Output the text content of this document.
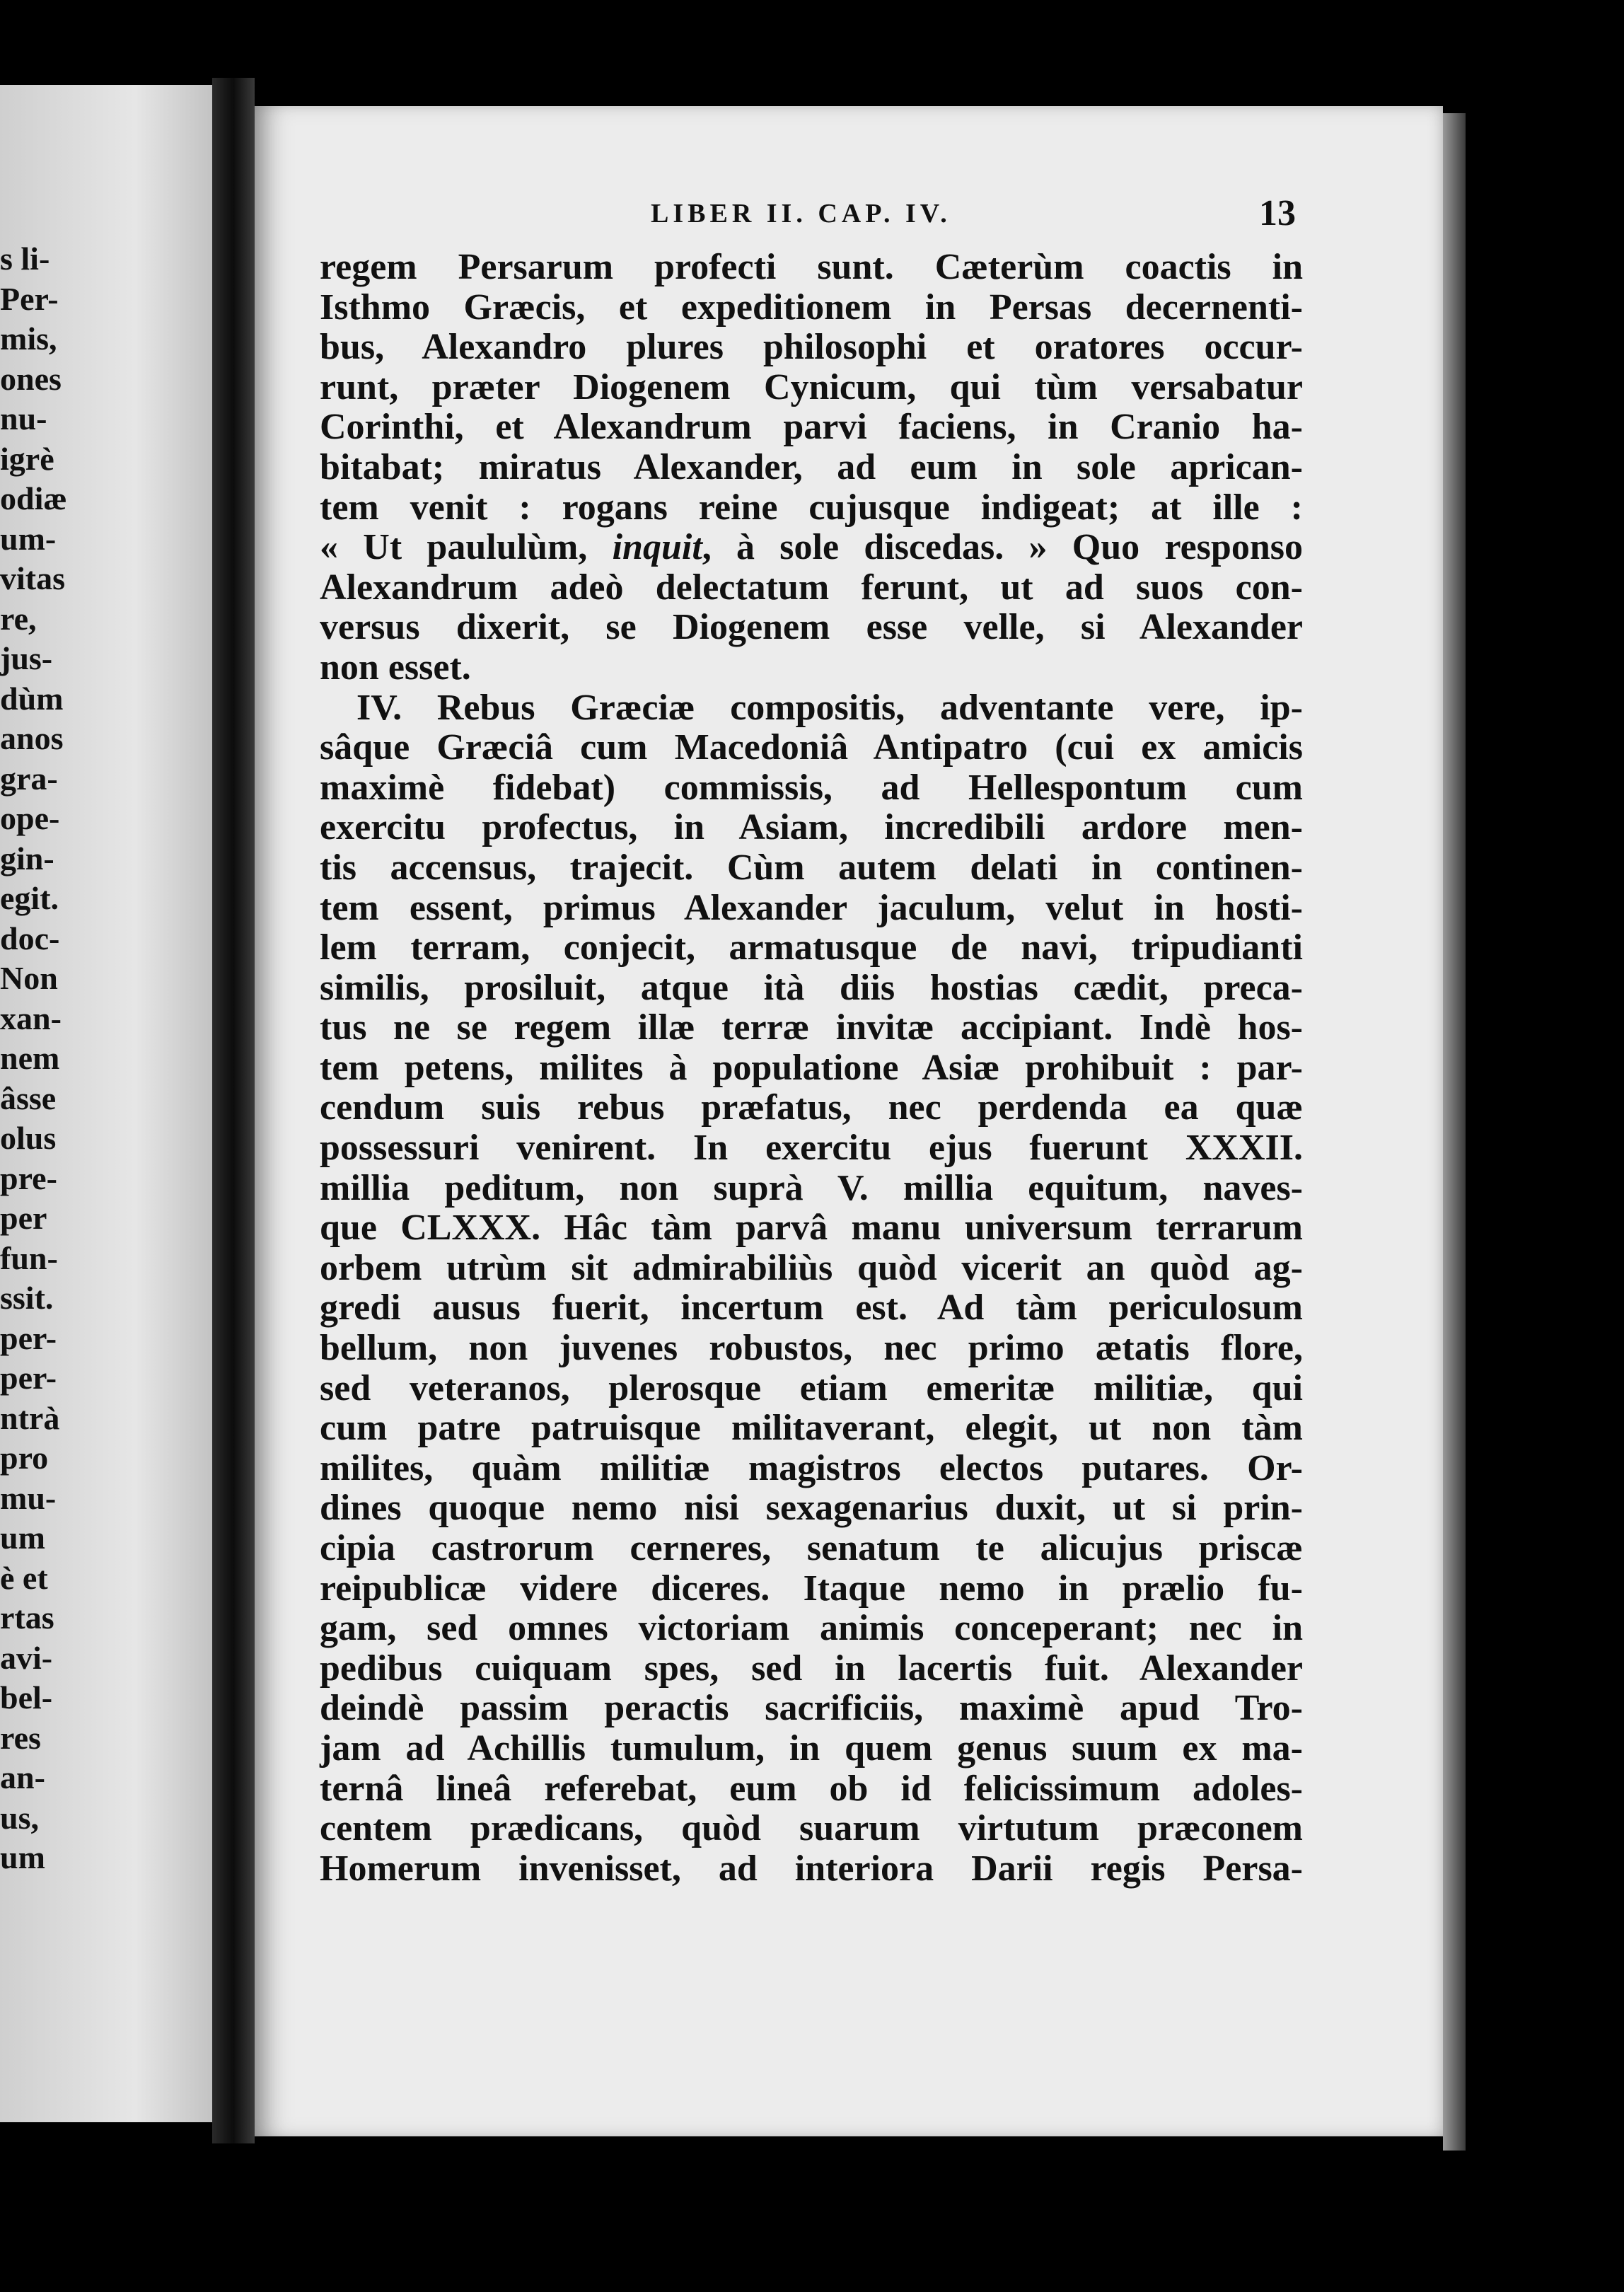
s li-
Per-
mis,
ones
nu-
igrè
odiæ
um-
vitas
re,
jus-
dùm
anos
gra-
ope-
gin-
egit.
doc-
Non
xan-
nem
âsse
olus
pre-
per
fun-
ssit.
per-
per-
ntrà
pro
mu-
um
è et
rtas
avi-
bel-
res
an-
us,
um
LIBER II. CAP. IV.	13
regem Persarum profecti sunt. Cæterùm coactis in
Isthmo Græcis, et expeditionem in Persas decernenti-
bus, Alexandro plures philosophi et oratores occur-
runt, præter Diogenem Cynicum, qui tùm versabatur
Corinthi, et Alexandrum parvi faciens, in Cranio ha-
bitabat; miratus Alexander, ad eum in sole aprican-
tem venit : rogans reine cujusque indigeat; at ille :
« Ut paululùm, inquit, à sole discedas. » Quo responso
Alexandrum adeò delectatum ferunt, ut ad suos con-
versus dixerit, se Diogenem esse velle, si Alexander
non esset.
IV. Rebus Græciæ compositis, adventante vere, ip-
sâque Græciâ cum Macedoniâ Antipatro (cui ex amicis
maximè fidebat) commissis, ad Hellespontum cum
exercitu profectus, in Asiam, incredibili ardore men-
tis accensus, trajecit. Cùm autem delati in continen-
tem essent, primus Alexander jaculum, velut in hosti-
lem terram, conjecit, armatusque de navi, tripudianti
similis, prosiluit, atque ità diis hostias cædit, preca-
tus ne se regem illæ terræ invitæ accipiant. Indè hos-
tem petens, milites à populatione Asiæ prohibuit : par-
cendum suis rebus præfatus, nec perdenda ea quæ
possessuri venirent. In exercitu ejus fuerunt XXXII.
millia peditum, non suprà V. millia equitum, naves-
que CLXXX. Hâc tàm parvâ manu universum terrarum
orbem utrùm sit admirabiliùs quòd vicerit an quòd ag-
gredi ausus fuerit, incertum est. Ad tàm periculosum
bellum, non juvenes robustos, nec primo ætatis flore,
sed veteranos, plerosque etiam emeritæ militiæ, qui
cum patre patruisque militaverant, elegit, ut non tàm
milites, quàm militiæ magistros electos putares. Or-
dines quoque nemo nisi sexagenarius duxit, ut si prin-
cipia castrorum cerneres, senatum te alicujus priscæ
reipublicæ videre diceres. Itaque nemo in prælio fu-
gam, sed omnes victoriam animis conceperant; nec in
pedibus cuiquam spes, sed in lacertis fuit. Alexander
deindè passim peractis sacrificiis, maximè apud Tro-
jam ad Achillis tumulum, in quem genus suum ex ma-
ternâ lineâ referebat, eum ob id felicissimum adoles-
centem prædicans, quòd suarum virtutum præconem
Homerum invenisset, ad interiora Darii regis Persa-
